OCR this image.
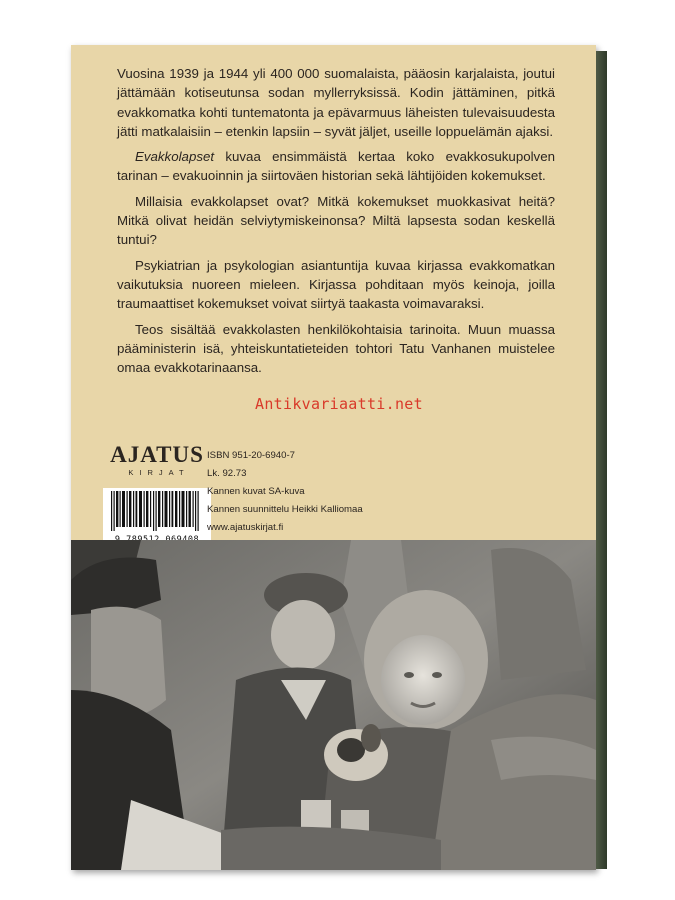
Vuosina 1939 ja 1944 yli 400 000 suomalaista, pääosin karjalaista, joutui jättämään kotiseutunsa sodan myllerryksissä. Kodin jättäminen, pitkä evakkomatka kohti tuntematonta ja epävarmuus läheisten tulevaisuudesta jätti matkalaisiin – etenkin lapsiin – syvät jäljet, useille loppuelämän ajaksi.

Evakkolapset kuvaa ensimmäistä kertaa koko evakkosukupolven tarinan – evakuoinnin ja siirtoväen historian sekä lähtijöiden kokemukset.

Millaisia evakkolapset ovat? Mitkä kokemukset muokkasivat heitä? Mitkä olivat heidän selviytymiskeinonsa? Miltä lapsesta sodan keskellä tuntui?

Psykiatrian ja psykologian asiantuntija kuvaa kirjassa evakkomatkan vaikutuksia nuoreen mieleen. Kirjassa pohditaan myös keinoja, joilla traumaattiset kokemukset voivat siirtyä taakasta voimavaraksi.

Teos sisältää evakkolasten henkilökohtaisia tarinoita. Muun muassa pääministerin isä, yhteiskuntatieteiden tohtori Tatu Vanhanen muistelee omaa evakkotarinaansa.

Antikvariaatti.net
AJATUS
KIRJAT
ISBN 951-20-6940-7
Lk. 92.73
Kannen kuvat SA-kuva
Kannen suunnittelu Heikki Kalliomaa
www.ajatuskirjat.fi
